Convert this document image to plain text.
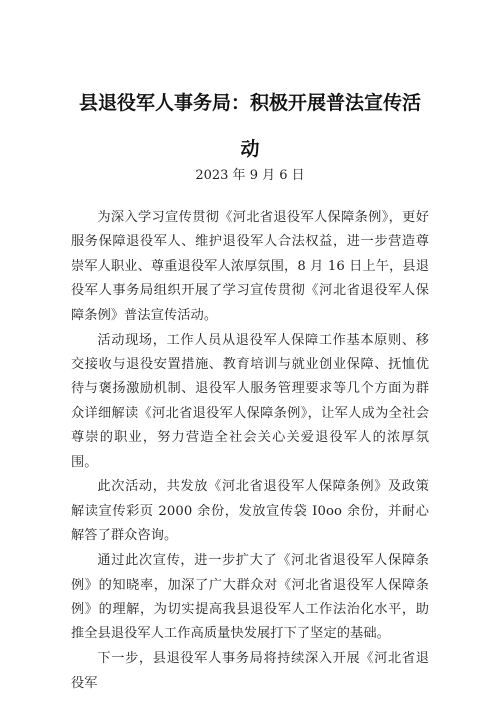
县退役军人事务局：积极开展普法宣传活
动

2023 年 9 月 6 日

为深入学习宣传贯彻《河北省退役军人保障条例》，更好服务保障退役军人、维护退役军人合法权益，进一步营造尊崇军人职业、尊重退役军人浓厚氛围，8 月 16 日上午，县退役军人事务局组织开展了学习宣传贯彻《河北省退役军人保障条例》普法宣传活动。

活动现场，工作人员从退役军人保障工作基本原则、移交接收与退役安置措施、教育培训与就业创业保障、抚恤优待与褒扬激励机制、退役军人服务管理要求等几个方面为群众详细解读《河北省退役军人保障条例》，让军人成为全社会尊崇的职业，努力营造全社会关心关爱退役军人的浓厚氛围。

此次活动，共发放《河北省退役军人保障条例》及政策解读宣传彩页 2000 余份，发放宣传袋 I0oo 余份，并耐心解答了群众咨询。

通过此次宣传，进一步扩大了《河北省退役军人保障条例》的知晓率，加深了广大群众对《河北省退役军人保障条例》的理解，为切实提高我县退役军人工作法治化水平，助推全县退役军人工作高质量快发展打下了坚定的基础。

下一步，县退役军人事务局将持续深入开展《河北省退役军
